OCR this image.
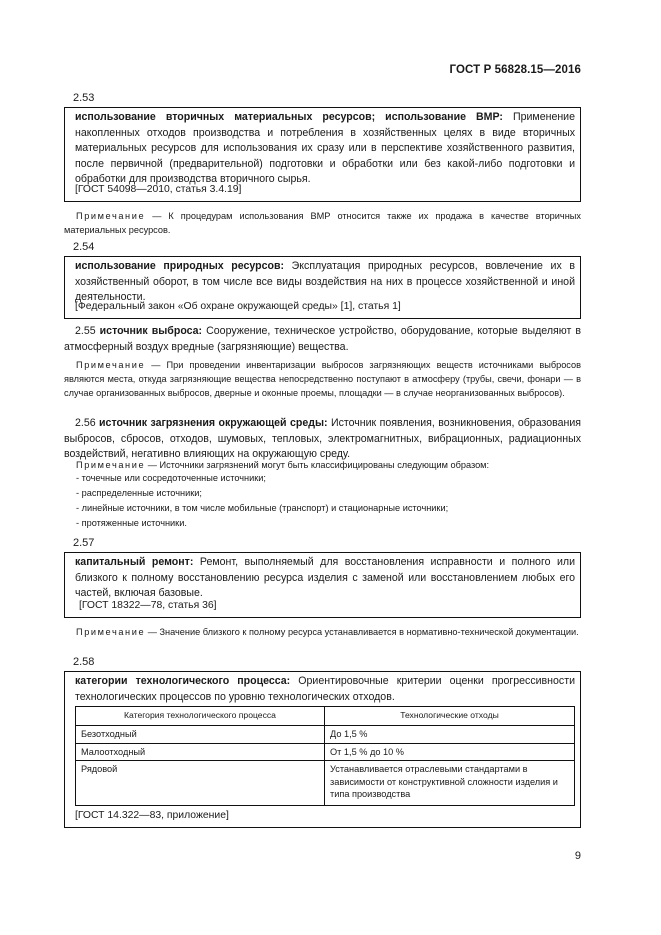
ГОСТ Р 56828.15—2016
2.53
использование вторичных материальных ресурсов; использование ВМР: Применение накопленных отходов производства и потребления в хозяйственных целях в виде вторичных материальных ресурсов для использования их сразу или в перспективе хозяйственного развития, после первичной (предварительной) подготовки и обработки или без какой-либо подготовки и обработки для производства вторичного сырья.
[ГОСТ 54098—2010, статья 3.4.19]
Примечание — К процедурам использования ВМР относится также их продажа в качестве вторичных материальных ресурсов.
2.54
использование природных ресурсов: Эксплуатация природных ресурсов, вовлечение их в хозяйственный оборот, в том числе все виды воздействия на них в процессе хозяйственной и иной деятельности.
[Федеральный закон «Об охране окружающей среды» [1], статья 1]
2.55 источник выброса: Сооружение, техническое устройство, оборудование, которые выделяют в атмосферный воздух вредные (загрязняющие) вещества.
Примечание — При проведении инвентаризации выбросов загрязняющих веществ источниками выбросов являются места, откуда загрязняющие вещества непосредственно поступают в атмосферу (трубы, свечи, фонари — в случае организованных выбросов, дверные и оконные проемы, площадки — в случае неорганизованных выбросов).
2.56 источник загрязнения окружающей среды: Источник появления, возникновения, образования выбросов, сбросов, отходов, шумовых, тепловых, электромагнитных, вибрационных, радиационных воздействий, негативно влияющих на окружающую среду.
Примечание — Источники загрязнений могут быть классифицированы следующим образом:
- точечные или сосредоточенные источники;
- распределенные источники;
- линейные источники, в том числе мобильные (транспорт) и стационарные источники;
- протяженные источники.
2.57
капитальный ремонт: Ремонт, выполняемый для восстановления исправности и полного или близкого к полному восстановлению ресурса изделия с заменой или восстановлением любых его частей, включая базовые.
[ГОСТ 18322—78, статья 36]
Примечание — Значение близкого к полному ресурса устанавливается в нормативно-технической документации.
2.58
категории технологического процесса: Ориентировочные критерии оценки прогрессивности технологических процессов по уровню технологических отходов.
Категория технологического процесса	Технологические отходы
Безотходный	До 1,5 %
Малоотходный	От 1,5 % до 10 %
Рядовой	Устанавливается отраслевыми стандартами в зависимости от конструктивной сложности изделия и типа производства
[ГОСТ 14.322—83, приложение]
9
